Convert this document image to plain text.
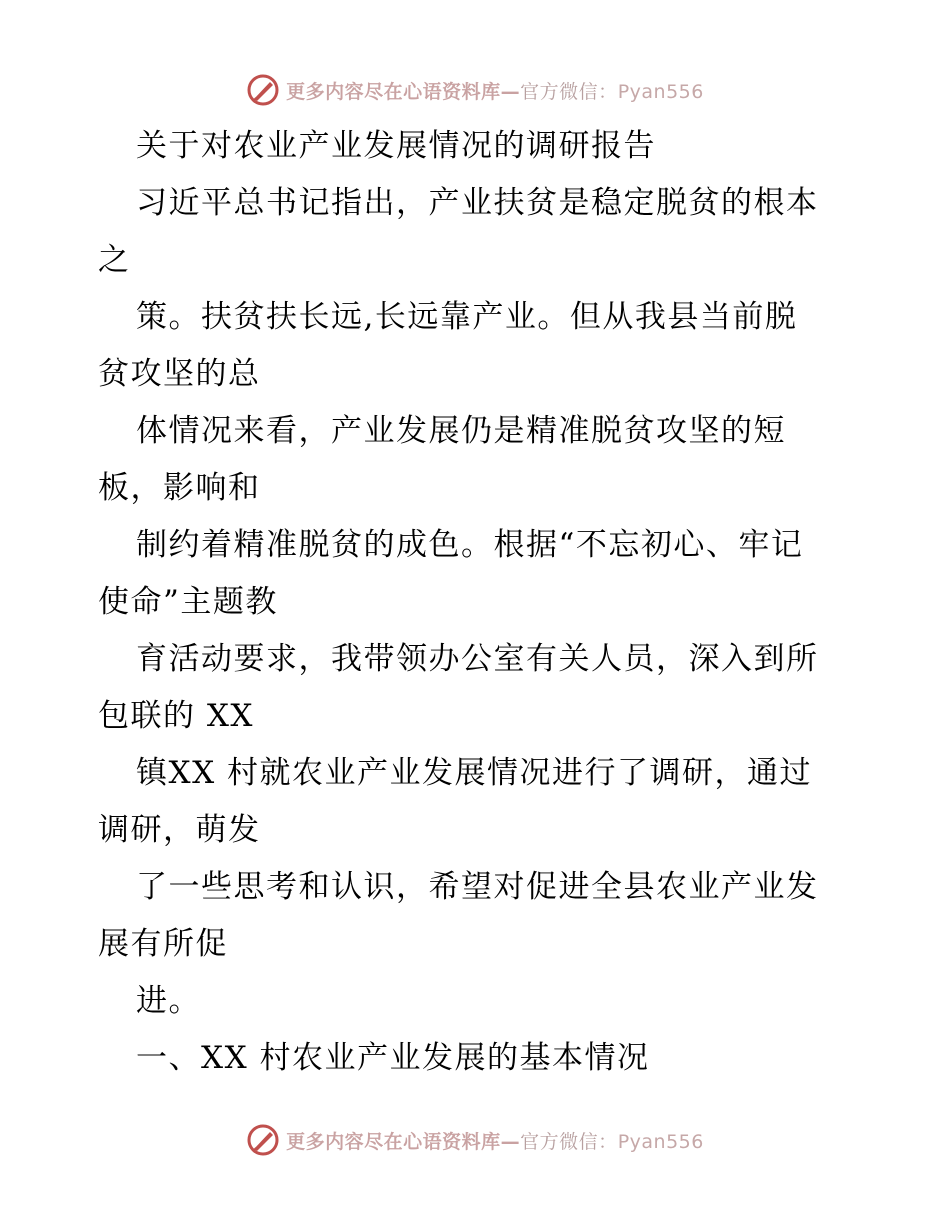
更多内容尽在心语资料库—官方微信：Pyan556
关于对农业产业发展情况的调研报告
习近平总书记指出，产业扶贫是稳定脱贫的根本
之
策。扶贫扶长远,长远靠产业。但从我县当前脱
贫攻坚的总
体情况来看，产业发展仍是精准脱贫攻坚的短
板，影响和
制约着精准脱贫的成色。根据“不忘初心、牢记
使命”主题教
育活动要求，我带领办公室有关人员，深入到所
包联的 XX
镇XX 村就农业产业发展情况进行了调研，通过
调研，萌发
了一些思考和认识，希望对促进全县农业产业发
展有所促
进。
一、XX 村农业产业发展的基本情况
更多内容尽在心语资料库—官方微信：Pyan556
